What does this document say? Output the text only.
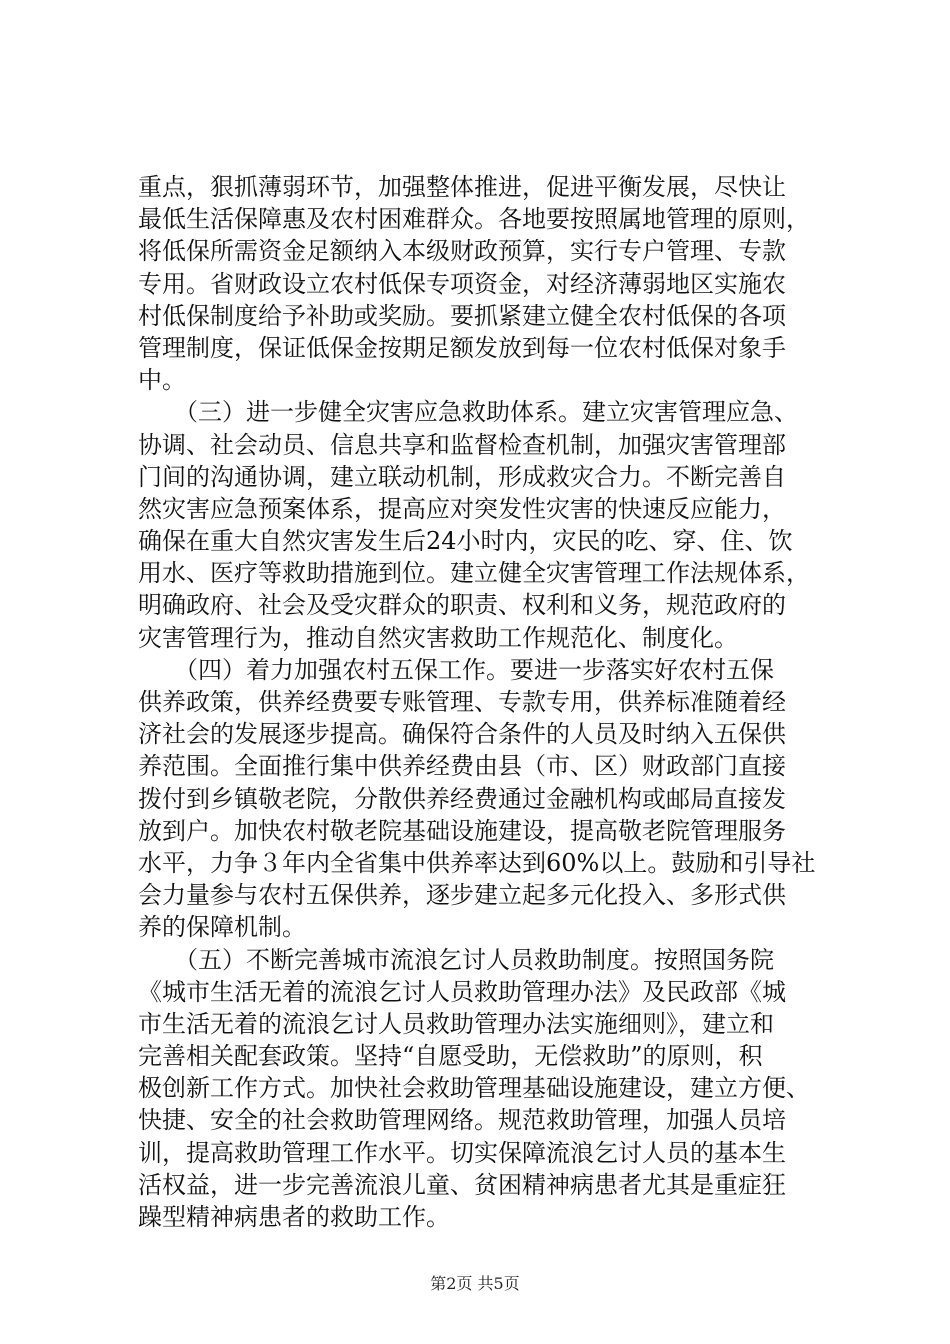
重点，狠抓薄弱环节，加强整体推进，促进平衡发展，尽快让
最低生活保障惠及农村困难群众。各地要按照属地管理的原则，
将低保所需资金足额纳入本级财政预算，实行专户管理、专款
专用。省财政设立农村低保专项资金，对经济薄弱地区实施农
村低保制度给予补助或奖励。要抓紧建立健全农村低保的各项
管理制度，保证低保金按期足额发放到每一位农村低保对象手
中。
　　（三）进一步健全灾害应急救助体系。建立灾害管理应急、
协调、社会动员、信息共享和监督检查机制，加强灾害管理部
门间的沟通协调，建立联动机制，形成救灾合力。不断完善自
然灾害应急预案体系，提高应对突发性灾害的快速反应能力，
确保在重大自然灾害发生后24小时内，灾民的吃、穿、住、饮
用水、医疗等救助措施到位。建立健全灾害管理工作法规体系，
明确政府、社会及受灾群众的职责、权利和义务，规范政府的
灾害管理行为，推动自然灾害救助工作规范化、制度化。
　　（四）着力加强农村五保工作。要进一步落实好农村五保
供养政策，供养经费要专账管理、专款专用，供养标准随着经
济社会的发展逐步提高。确保符合条件的人员及时纳入五保供
养范围。全面推行集中供养经费由县（市、区）财政部门直接
拨付到乡镇敬老院，分散供养经费通过金融机构或邮局直接发
放到户。加快农村敬老院基础设施建设，提高敬老院管理服务
水平，力争３年内全省集中供养率达到60%以上。鼓励和引导社
会力量参与农村五保供养，逐步建立起多元化投入、多形式供
养的保障机制。
　　（五）不断完善城市流浪乞讨人员救助制度。按照国务院
《城市生活无着的流浪乞讨人员救助管理办法》及民政部《城
市生活无着的流浪乞讨人员救助管理办法实施细则》，建立和
完善相关配套政策。坚持“自愿受助，无偿救助”的原则，积
极创新工作方式。加快社会救助管理基础设施建设，建立方便、
快捷、安全的社会救助管理网络。规范救助管理，加强人员培
训，提高救助管理工作水平。切实保障流浪乞讨人员的基本生
活权益，进一步完善流浪儿童、贫困精神病患者尤其是重症狂
躁型精神病患者的救助工作。
第2页 共5页
